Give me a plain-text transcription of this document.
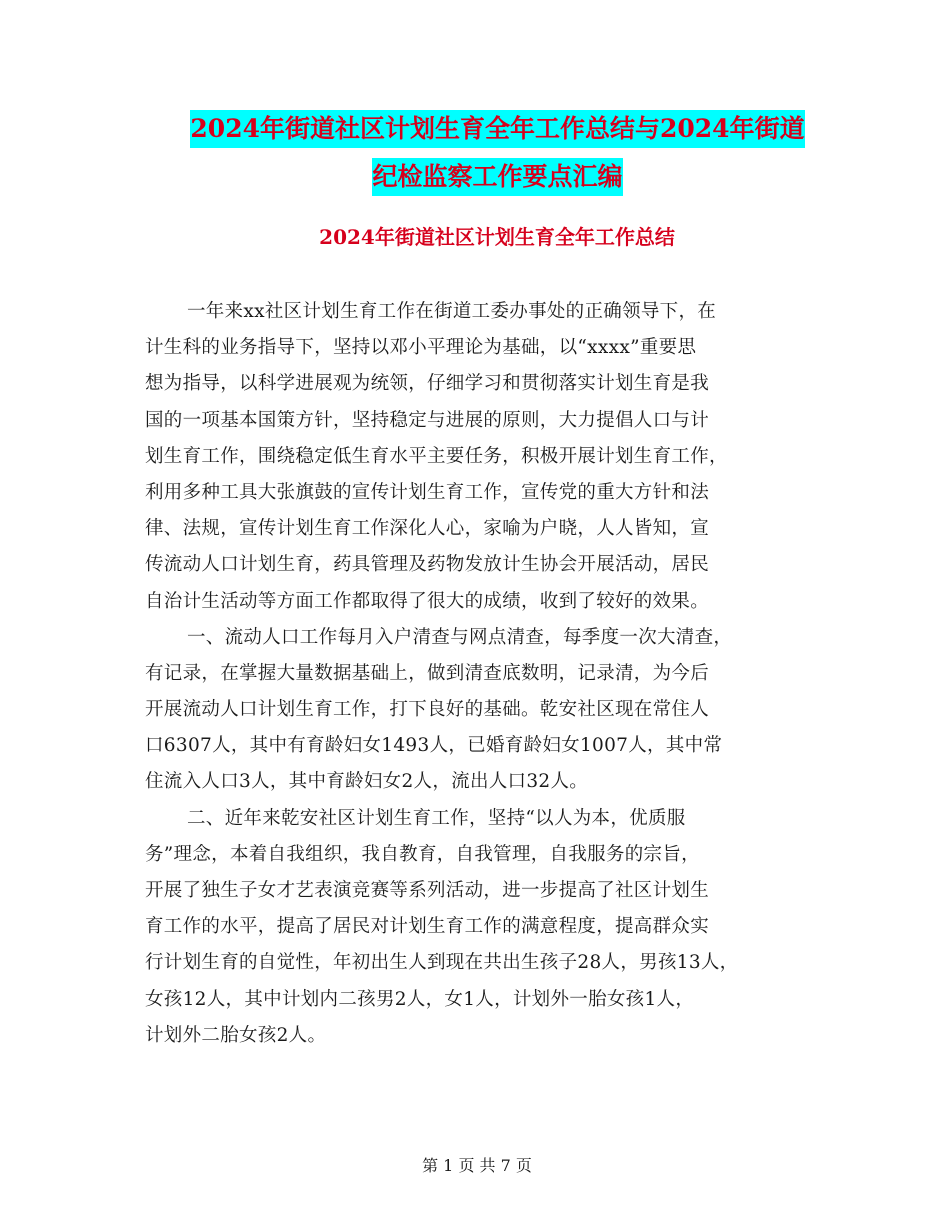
2024年街道社区计划生育全年工作总结与2024年街道
纪检监察工作要点汇编
2024年街道社区计划生育全年工作总结
一年来xx社区计划生育工作在街道工委办事处的正确领导下，在
计生科的业务指导下，坚持以邓小平理论为基础，以“xxxx”重要思
想为指导，以科学进展观为统领，仔细学习和贯彻落实计划生育是我
国的一项基本国策方针，坚持稳定与进展的原则，大力提倡人口与计
划生育工作，围绕稳定低生育水平主要任务，积极开展计划生育工作，
利用多种工具大张旗鼓的宣传计划生育工作，宣传党的重大方针和法
律、法规，宣传计划生育工作深化人心，家喻为户晓，人人皆知，宣
传流动人口计划生育，药具管理及药物发放计生协会开展活动，居民
自治计生活动等方面工作都取得了很大的成绩，收到了较好的效果。
一、流动人口工作每月入户清查与网点清查，每季度一次大清查，
有记录，在掌握大量数据基础上，做到清查底数明，记录清，为今后
开展流动人口计划生育工作，打下良好的基础。乾安社区现在常住人
口6307人，其中有育龄妇女1493人，已婚育龄妇女1007人，其中常
住流入人口3人，其中育龄妇女2人，流出人口32人。
二、近年来乾安社区计划生育工作，坚持“以人为本，优质服
务”理念，本着自我组织，我自教育，自我管理，自我服务的宗旨，
开展了独生子女才艺表演竞赛等系列活动，进一步提高了社区计划生
育工作的水平，提高了居民对计划生育工作的满意程度，提高群众实
行计划生育的自觉性，年初出生人到现在共出生孩子28人，男孩13人，
女孩12人，其中计划内二孩男2人，女1人，计划外一胎女孩1人，
计划外二胎女孩2人。
第 1 页 共 7 页
